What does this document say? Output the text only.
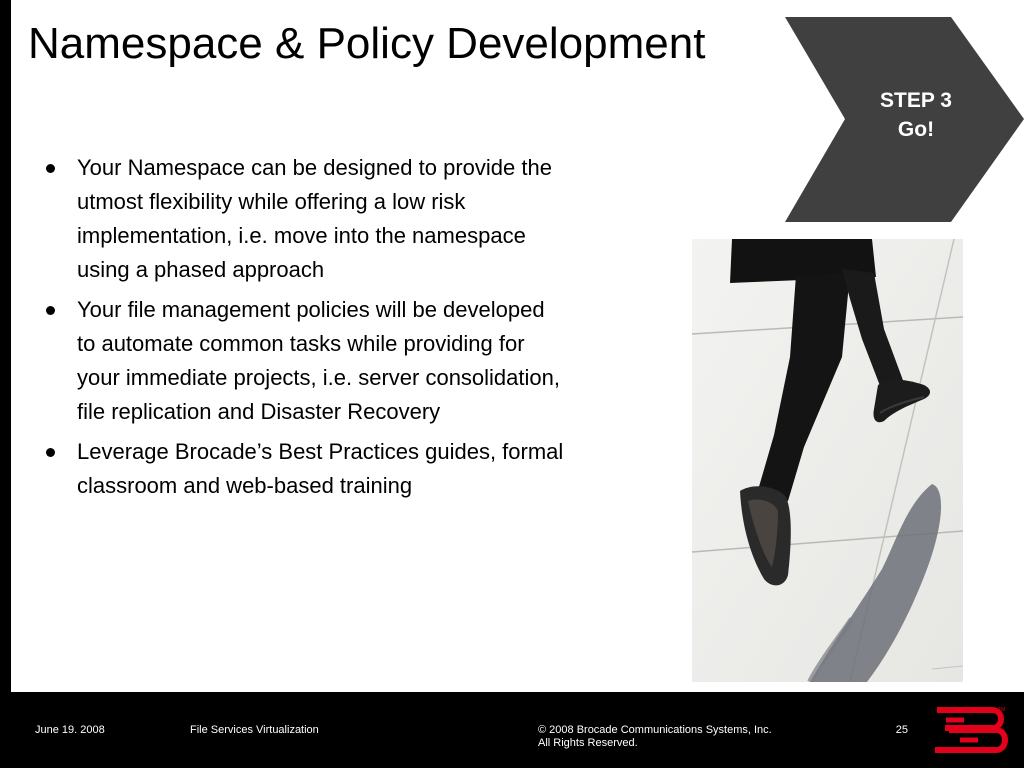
Namespace & Policy Development
STEP 3
Go!
Your Namespace can be designed to provide the utmost flexibility while offering a low risk implementation, i.e. move into the namespace using a phased approach
Your file management policies will be developed to automate common tasks while providing for your immediate projects, i.e. server consolidation, file replication and Disaster Recovery
Leverage Brocade’s Best Practices guides, formal classroom and web-based training
June 19. 2008	File Services Virtualization	© 2008 Brocade Communications Systems, Inc.
All Rights Reserved.
25
TM
